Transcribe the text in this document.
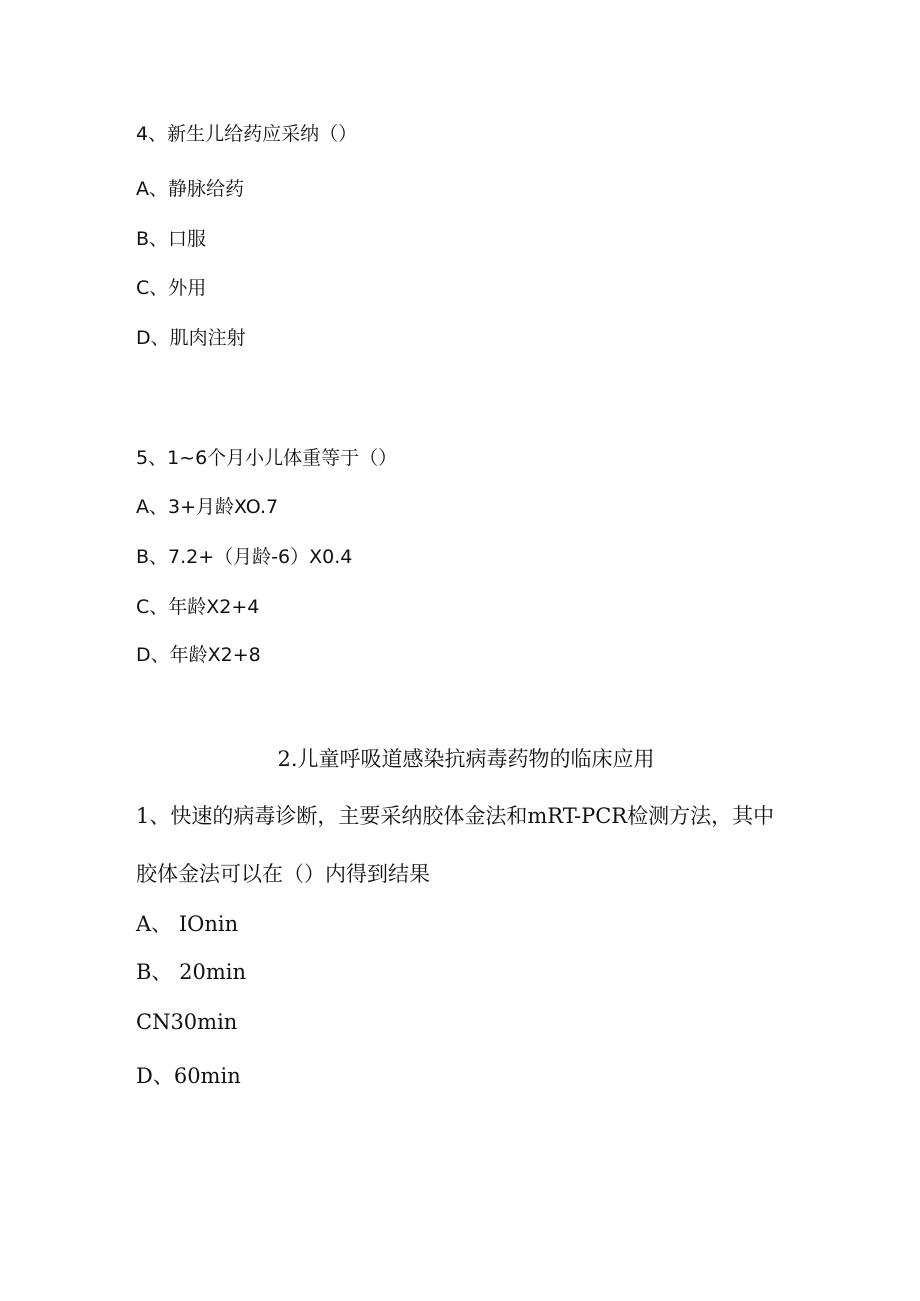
4、新生儿给药应采纳（）
A、静脉给药
B、口服
C、外用
D、肌肉注射
5、1~6个月小儿体重等于（）
A、3+月龄XO.7
B、7.2+（月龄-6）X0.4
C、年龄X2+4
D、年龄X2+8
2.儿童呼吸道感染抗病毒药物的临床应用
1、快速的病毒诊断，主要采纳胶体金法和mRT-PCR检测方法，其中
胶体金法可以在（）内得到结果
A、 IOnin
B、 20min
CN30min
D、60min
